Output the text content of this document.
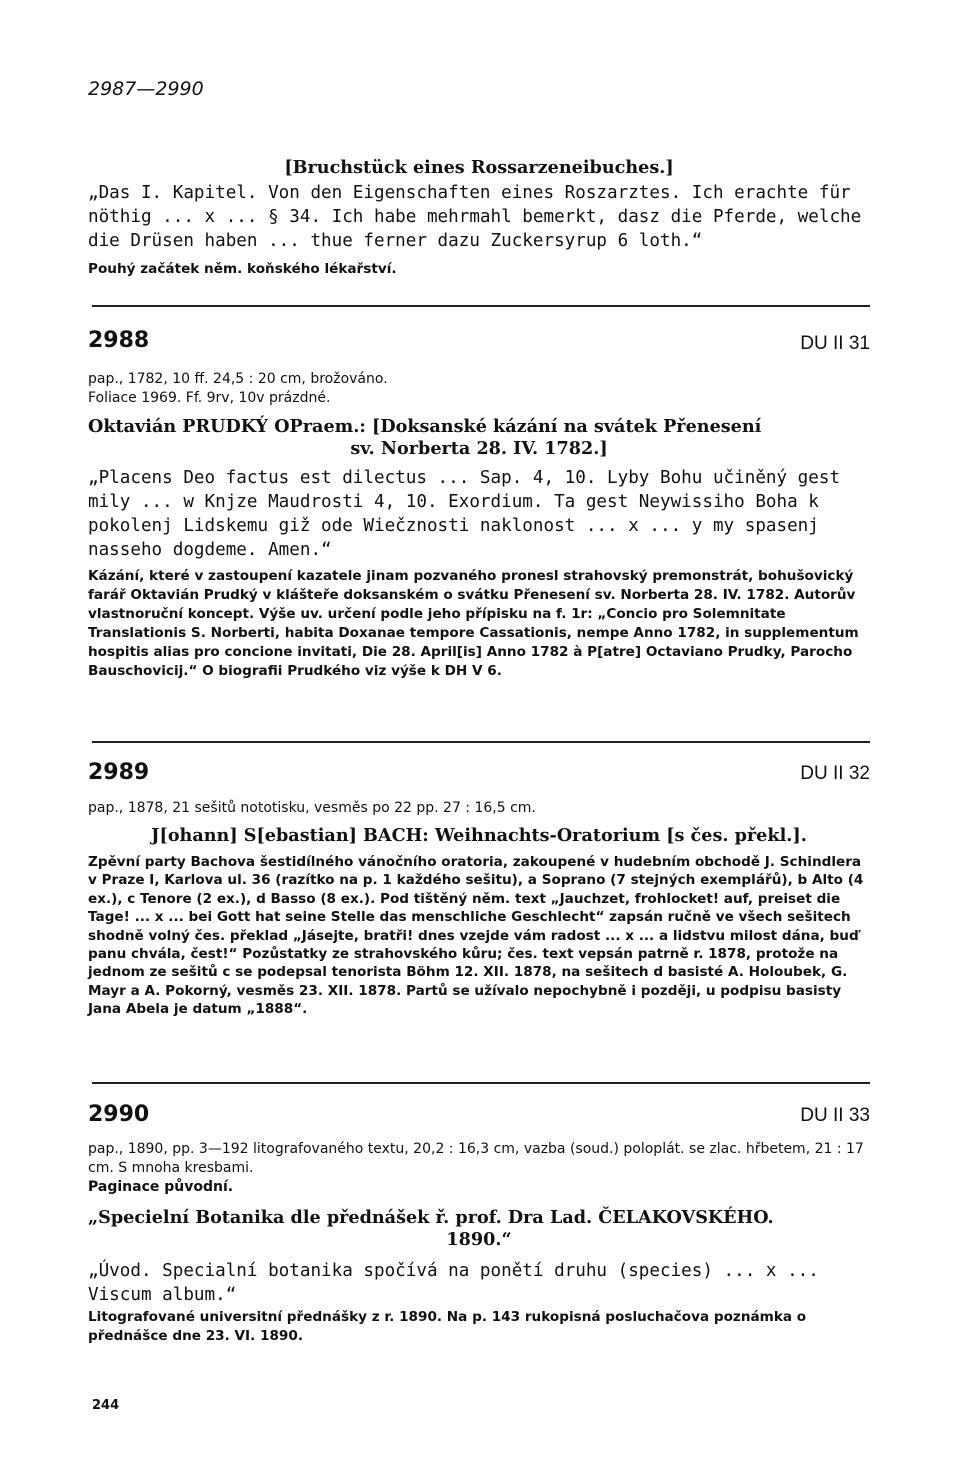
2987—2990
[Bruchstück eines Rossarzeneibuches.]
„Das I. Kapitel. Von den Eigenschaften eines Roszarztes. Ich erachte für nöthig ... x ... § 34. Ich habe mehrmahl bemerkt, dasz die Pferde, welche die Drüsen haben ... thue ferner dazu Zuckersyrup 6 loth.“
Pouhý začátek něm. koňského lékařství.
2988	DU II 31
pap., 1782, 10 ff. 24,5 : 20 cm, brožováno.
Foliace 1969. Ff. 9rv, 10v prázdné.
Oktavián PRUDKÝ OPraem.: [Doksanské kázání na svátek Přenesení
sv. Norberta 28. IV. 1782.]
„Placens Deo factus est dilectus ... Sap. 4, 10. Lyby Bohu učiněný gest mily ... w Knjze Maudrosti 4, 10. Exordium. Ta gest Neywissiho Boha k pokolenj Lidskemu giž ode Wiečznosti naklonost ... x ... y my spasenj nasseho dogdeme. Amen.“
Kázání, které v zastoupení kazatele jinam pozvaného pronesl strahovský premonstrát, bohušovický farář Oktavián Prudký v klášteře doksanském o svátku Přenesení sv. Norberta 28. IV. 1782. Autorův vlastnoruční koncept. Výše uv. určení podle jeho přípisku na f. 1r: „Concio pro Solemnitate Translationis S. Norberti, habita Doxanae tempore Cassationis, nempe Anno 1782, in supplementum hospitis alias pro concione invitati, Die 28. April[is] Anno 1782 à P[atre] Octaviano Prudky, Parocho Bauschovicij.“ O biografii Prudkého viz výše k DH V 6.
2989	DU II 32
pap., 1878, 21 sešitů nototisku, vesměs po 22 pp. 27 : 16,5 cm.
J[ohann] S[ebastian] BACH: Weihnachts-Oratorium [s čes. překl.].
Zpěvní party Bachova šestidílného vánočního oratoria, zakoupené v hudebním obchodě J. Schindlera v Praze I, Karlova ul. 36 (razítko na p. 1 každého sešitu), a Soprano (7 stejných exemplářů), b Alto (4 ex.), c Tenore (2 ex.), d Basso (8 ex.). Pod tištěný něm. text „Jauchzet, frohlocket! auf, preiset die Tage! ... x ... bei Gott hat seine Stelle das menschliche Geschlecht“ zapsán ručně ve všech sešitech shodně volný čes. překlad „Jásejte, bratři! dnes vzejde vám radost ... x ... a lidstvu milost dána, buď panu chvála, čest!“ Pozůstatky ze strahovského kůru; čes. text vepsán patrně r. 1878, protože na jednom ze sešitů c se podepsal tenorista Böhm 12. XII. 1878, na sešitech d basisté A. Holoubek, G. Mayr a A. Pokorný, vesměs 23. XII. 1878. Partů se užívalo nepochybně i později, u podpisu basisty Jana Abela je datum „1888“.
2990	DU II 33
pap., 1890, pp. 3—192 litografovaného textu, 20,2 : 16,3 cm, vazba (soud.) poloplát. se zlac. hřbetem, 21 : 17 cm. S mnoha kresbami.
Paginace původní.
„Specielní Botanika dle přednášek ř. prof. Dra Lad. ČELAKOVSKÉHO.
1890.“
„Úvod. Specialní botanika spočívá na ponětí druhu (species) ... x ... Viscum album.“
Litografované universitní přednášky z r. 1890. Na p. 143 rukopisná posluchačova poznámka o přednášce dne 23. VI. 1890.
244
